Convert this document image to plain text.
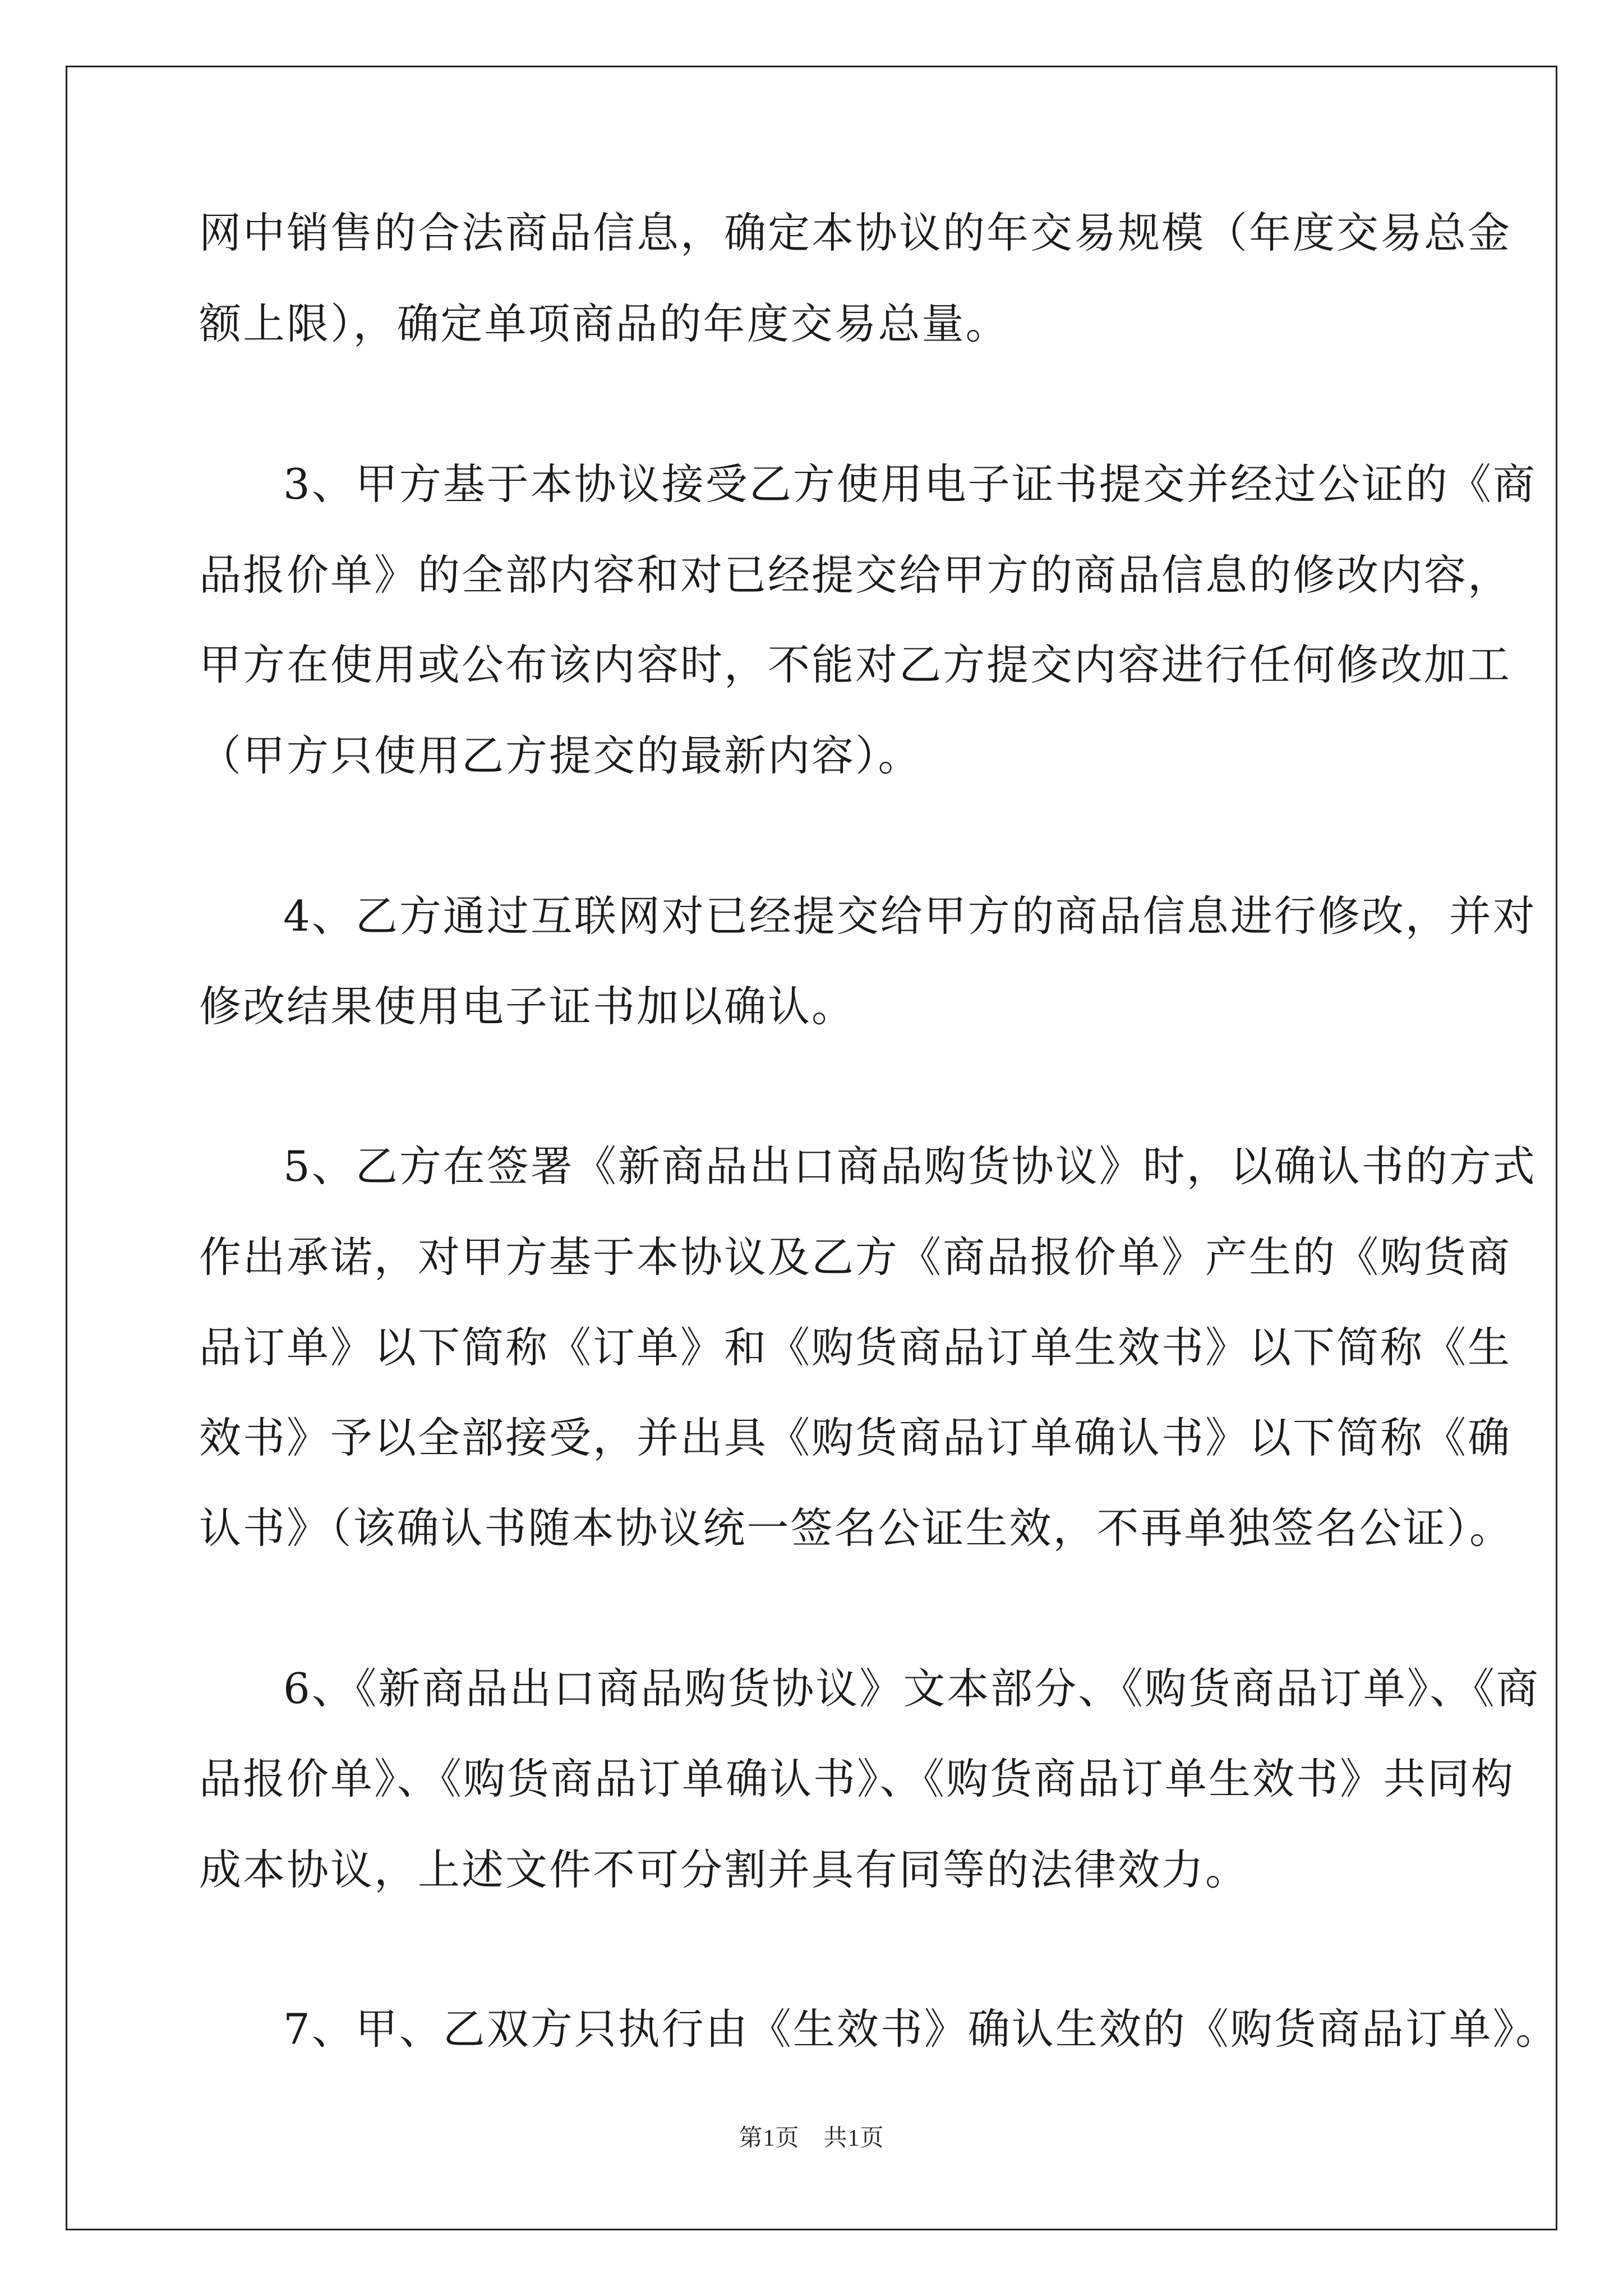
网中销售的合法商品信息，确定本协议的年交易规模（年度交易总金

额上限），确定单项商品的年度交易总量。

3、甲方基于本协议接受乙方使用电子证书提交并经过公证的《商

品报价单》的全部内容和对已经提交给甲方的商品信息的修改内容，

甲方在使用或公布该内容时，不能对乙方提交内容进行任何修改加工

（甲方只使用乙方提交的最新内容）。

4、乙方通过互联网对已经提交给甲方的商品信息进行修改，并对

修改结果使用电子证书加以确认。

5、乙方在签署《新商品出口商品购货协议》时，以确认书的方式

作出承诺，对甲方基于本协议及乙方《商品报价单》产生的《购货商

品订单》以下简称《订单》和《购货商品订单生效书》以下简称《生

效书》予以全部接受，并出具《购货商品订单确认书》以下简称《确

认书》（该确认书随本协议统一签名公证生效，不再单独签名公证）。

6、《新商品出口商品购货协议》文本部分、《购货商品订单》、《商

品报价单》、《购货商品订单确认书》、《购货商品订单生效书》共同构

成本协议，上述文件不可分割并具有同等的法律效力。

7、甲、乙双方只执行由《生效书》确认生效的《购货商品订单》。

第1页　共1页
